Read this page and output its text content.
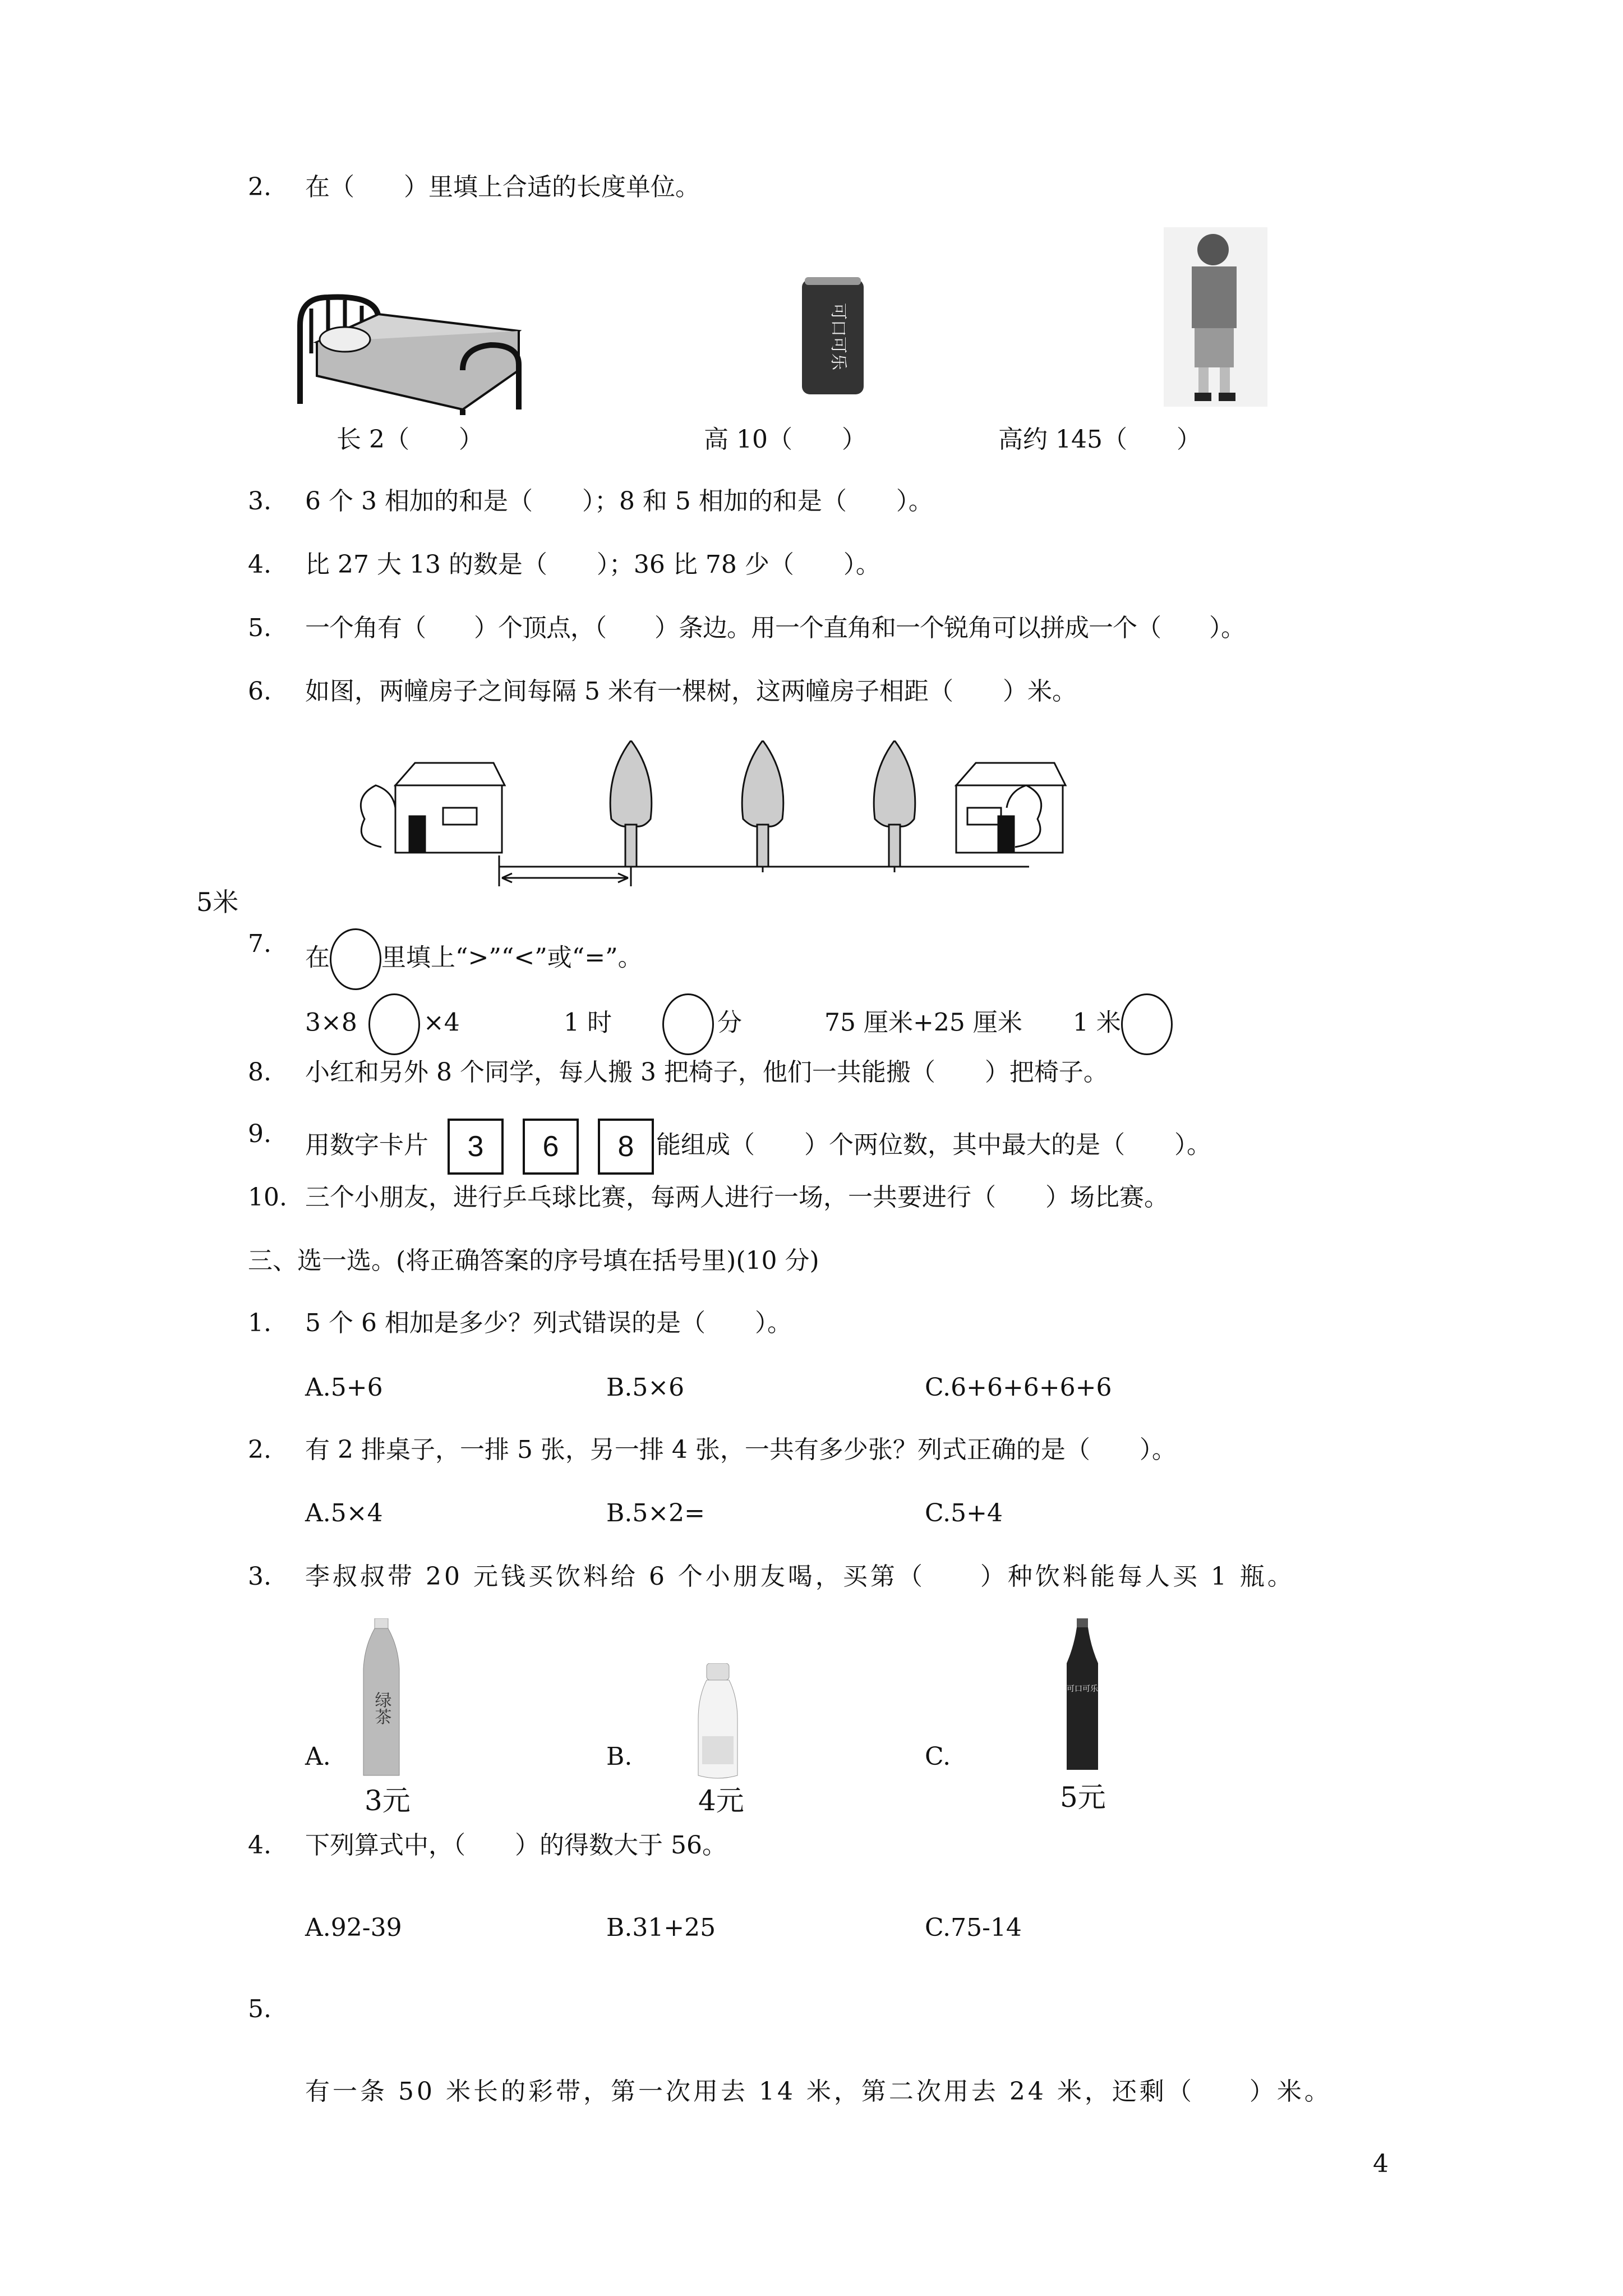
2. 在（　　）里填上合适的长度单位。
可口可乐
长 2（　　）	高 10（　　）	高约 145（　　）
3. 6 个 3 相加的和是（　　）；8 和 5 相加的和是（　　）。
4. 比 27 大 13 的数是（　　）；36 比 78 少（　　）。
5. 一个角有（　　）个顶点，（　　）条边。用一个直角和一个锐角可以拼成一个（　　）。
6. 如图，两幢房子之间每隔 5 米有一棵树，这两幢房子相距（　　）米。
5米
7. 在 里填上“>”“<”或“=”。
3×8	×4	1 时	分	75 厘米+25 厘米 1 米
8. 小红和另外 8 个同学，每人搬 3 把椅子，他们一共能搬（　　）把椅子。
9. 用数字卡片 3 6 8 能组成（　　）个两位数，其中最大的是（　　）。
10. 三个小朋友，进行乒乓球比赛，每两人进行一场，一共要进行（　　）场比赛。
三、选一选。(将正确答案的序号填在括号里)(10 分)
1. 5 个 6 相加是多少？列式错误的是（　　）。
A.5+6	B.5×6	C.6+6+6+6+6
2. 有 2 排桌子，一排 5 张，另一排 4 张，一共有多少张？列式正确的是（　　）。
A.5×4	B.5×2=	C.5+4
3. 李叔叔带 20 元钱买饮料给 6 个小朋友喝，买第（　　）种饮料能每人买 1 瓶。
绿茶
可口可乐
A.	B.	C.
3元	4元	5元
4. 下列算式中，（　　）的得数大于 56。
A.92-39	B.31+25	C.75-14
5.
有一条 50 米长的彩带，第一次用去 14 米，第二次用去 24 米，还剩（　　）米。
4
